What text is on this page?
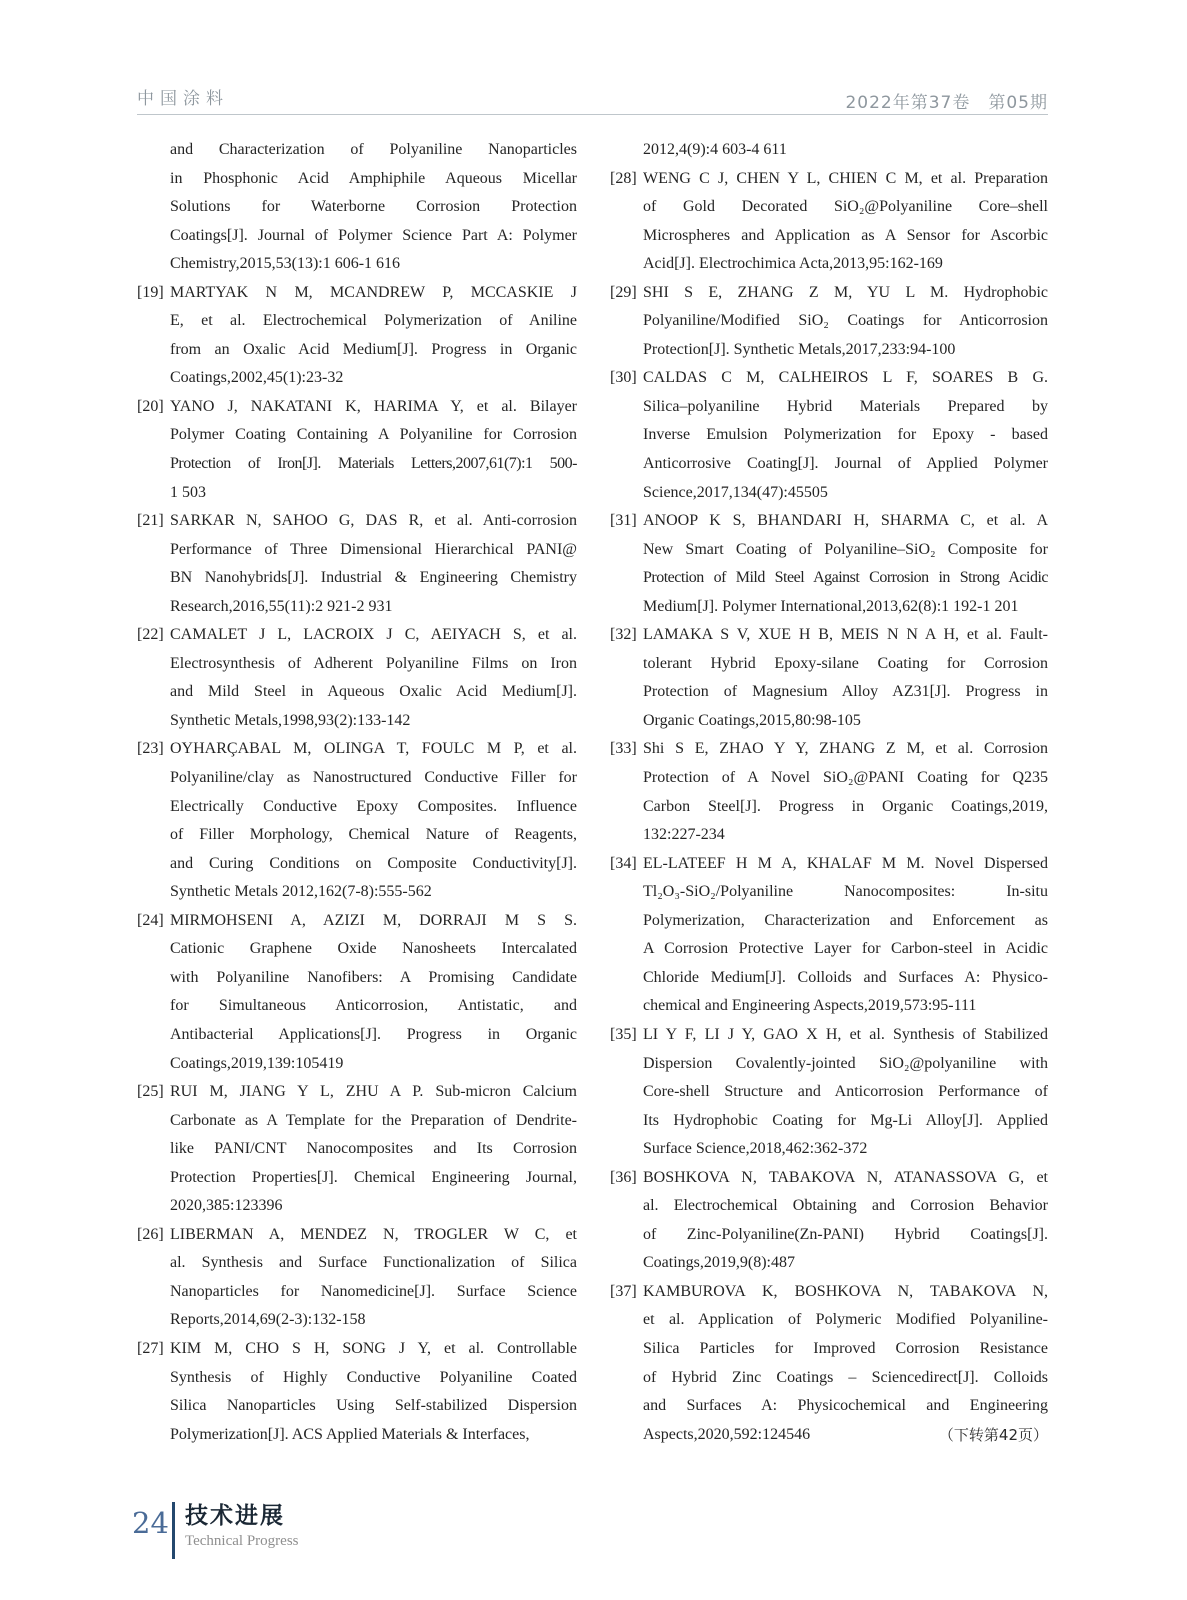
中国涂料	2022年第37卷　第05期
and Characterization of Polyaniline Nanoparticles
in Phosphonic Acid Amphiphile Aqueous Micellar
Solutions for Waterborne Corrosion Protection
Coatings[J]. Journal of Polymer Science Part A: Polymer
Chemistry,2015,53(13):1 606-1 616
[19] MARTYAK N M, MCANDREW P, MCCASKIE J
E, et al. Electrochemical Polymerization of Aniline
from an Oxalic Acid Medium[J]. Progress in Organic
Coatings,2002,45(1):23-32
[20] YANO J, NAKATANI K, HARIMA Y, et al. Bilayer
Polymer Coating Containing A Polyaniline for Corrosion
Protection of Iron[J]. Materials Letters,2007,61(7):1 500-
1 503
[21] SARKAR N, SAHOO G, DAS R, et al. Anti-corrosion
Performance of Three Dimensional Hierarchical PANI@
BN Nanohybrids[J]. Industrial & Engineering Chemistry
Research,2016,55(11):2 921-2 931
[22] CAMALET J L, LACROIX J C, AEIYACH S, et al.
Electrosynthesis of Adherent Polyaniline Films on Iron
and Mild Steel in Aqueous Oxalic Acid Medium[J].
Synthetic Metals,1998,93(2):133-142
[23] OYHARÇABAL M, OLINGA T, FOULC M P, et al.
Polyaniline/clay as Nanostructured Conductive Filler for
Electrically Conductive Epoxy Composites. Influence
of Filler Morphology, Chemical Nature of Reagents,
and Curing Conditions on Composite Conductivity[J].
Synthetic Metals 2012,162(7-8):555-562
[24] MIRMOHSENI A, AZIZI M, DORRAJI M S S.
Cationic Graphene Oxide Nanosheets Intercalated
with Polyaniline Nanofibers: A Promising Candidate
for Simultaneous Anticorrosion, Antistatic, and
Antibacterial Applications[J]. Progress in Organic
Coatings,2019,139:105419
[25] RUI M, JIANG Y L, ZHU A P. Sub-micron Calcium
Carbonate as A Template for the Preparation of Dendrite-
like PANI/CNT Nanocomposites and Its Corrosion
Protection Properties[J]. Chemical Engineering Journal,
2020,385:123396
[26] LIBERMAN A, MENDEZ N, TROGLER W C, et
al. Synthesis and Surface Functionalization of Silica
Nanoparticles for Nanomedicine[J]. Surface Science
Reports,2014,69(2-3):132-158
[27] KIM M, CHO S H, SONG J Y, et al. Controllable
Synthesis of Highly Conductive Polyaniline Coated
Silica Nanoparticles Using Self-stabilized Dispersion
Polymerization[J]. ACS Applied Materials & Interfaces,
2012,4(9):4 603-4 611
[28] WENG C J, CHEN Y L, CHIEN C M, et al. Preparation
of Gold Decorated SiO₂@Polyaniline Core–shell
Microspheres and Application as A Sensor for Ascorbic
Acid[J]. Electrochimica Acta,2013,95:162-169
[29] SHI S E, ZHANG Z M, YU L M. Hydrophobic
Polyaniline/Modified SiO₂ Coatings for Anticorrosion
Protection[J]. Synthetic Metals,2017,233:94-100
[30] CALDAS C M, CALHEIROS L F, SOARES B G.
Silica–polyaniline Hybrid Materials Prepared by
Inverse Emulsion Polymerization for Epoxy - based
Anticorrosive Coating[J]. Journal of Applied Polymer
Science,2017,134(47):45505
[31] ANOOP K S, BHANDARI H, SHARMA C, et al. A
New Smart Coating of Polyaniline–SiO₂ Composite for
Protection of Mild Steel Against Corrosion in Strong Acidic
Medium[J]. Polymer International,2013,62(8):1 192-1 201
[32] LAMAKA S V, XUE H B, MEIS N N A H, et al. Fault-
tolerant Hybrid Epoxy-silane Coating for Corrosion
Protection of Magnesium Alloy AZ31[J]. Progress in
Organic Coatings,2015,80:98-105
[33] Shi S E, ZHAO Y Y, ZHANG Z M, et al. Corrosion
Protection of A Novel SiO₂@PANI Coating for Q235
Carbon Steel[J]. Progress in Organic Coatings,2019,
132:227-234
[34] EL-LATEEF H M A, KHALAF M M. Novel Dispersed
Tl₂O₃-SiO₂/Polyaniline Nanocomposites: In-situ
Polymerization, Characterization and Enforcement as
A Corrosion Protective Layer for Carbon-steel in Acidic
Chloride Medium[J]. Colloids and Surfaces A: Physico-
chemical and Engineering Aspects,2019,573:95-111
[35] LI Y F, LI J Y, GAO X H, et al. Synthesis of Stabilized
Dispersion Covalently-jointed SiO₂@polyaniline with
Core-shell Structure and Anticorrosion Performance of
Its Hydrophobic Coating for Mg-Li Alloy[J]. Applied
Surface Science,2018,462:362-372
[36] BOSHKOVA N, TABAKOVA N, ATANASSOVA G, et
al. Electrochemical Obtaining and Corrosion Behavior
of Zinc-Polyaniline(Zn-PANI) Hybrid Coatings[J].
Coatings,2019,9(8):487
[37] KAMBUROVA K, BOSHKOVA N, TABAKOVA N,
et al. Application of Polymeric Modified Polyaniline-
Silica Particles for Improved Corrosion Resistance
of Hybrid Zinc Coatings – Sciencedirect[J]. Colloids
and Surfaces A: Physicochemical and Engineering
Aspects,2020,592:124546	（下转第42页）
24 技术进展
Technical Progress
